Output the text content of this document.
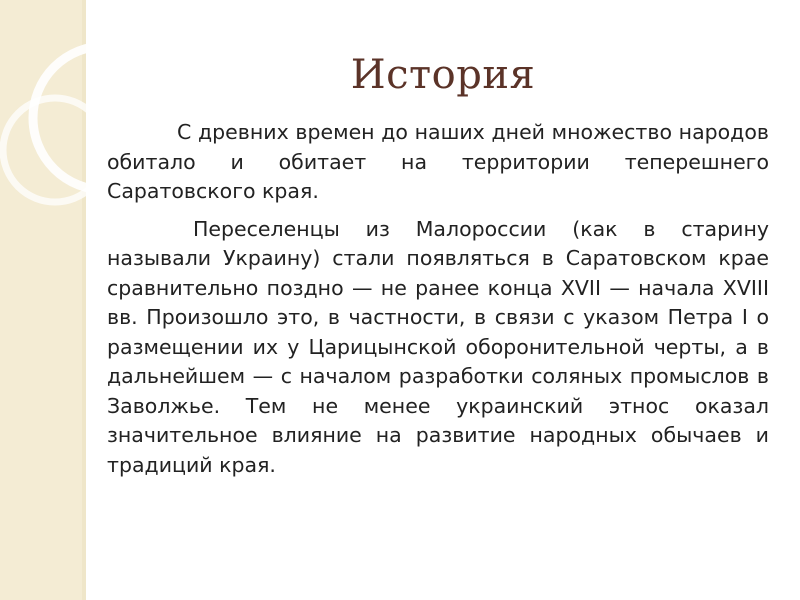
История

С древних времен до наших дней множество народов обитало и обитает на территории теперешнего Саратовского края.

Переселенцы из Малороссии (как в старину называли Украину) стали появляться в Саратовском крае сравнительно поздно — не ранее конца XVII — начала XVIII вв. Произошло это, в частности, в связи с указом Петра I о размещении их у Царицынской оборонительной черты, а в дальнейшем — с началом разработки соляных промыслов в Заволжье. Тем не менее украинский этнос оказал значительное влияние на развитие народных обычаев и традиций края.
